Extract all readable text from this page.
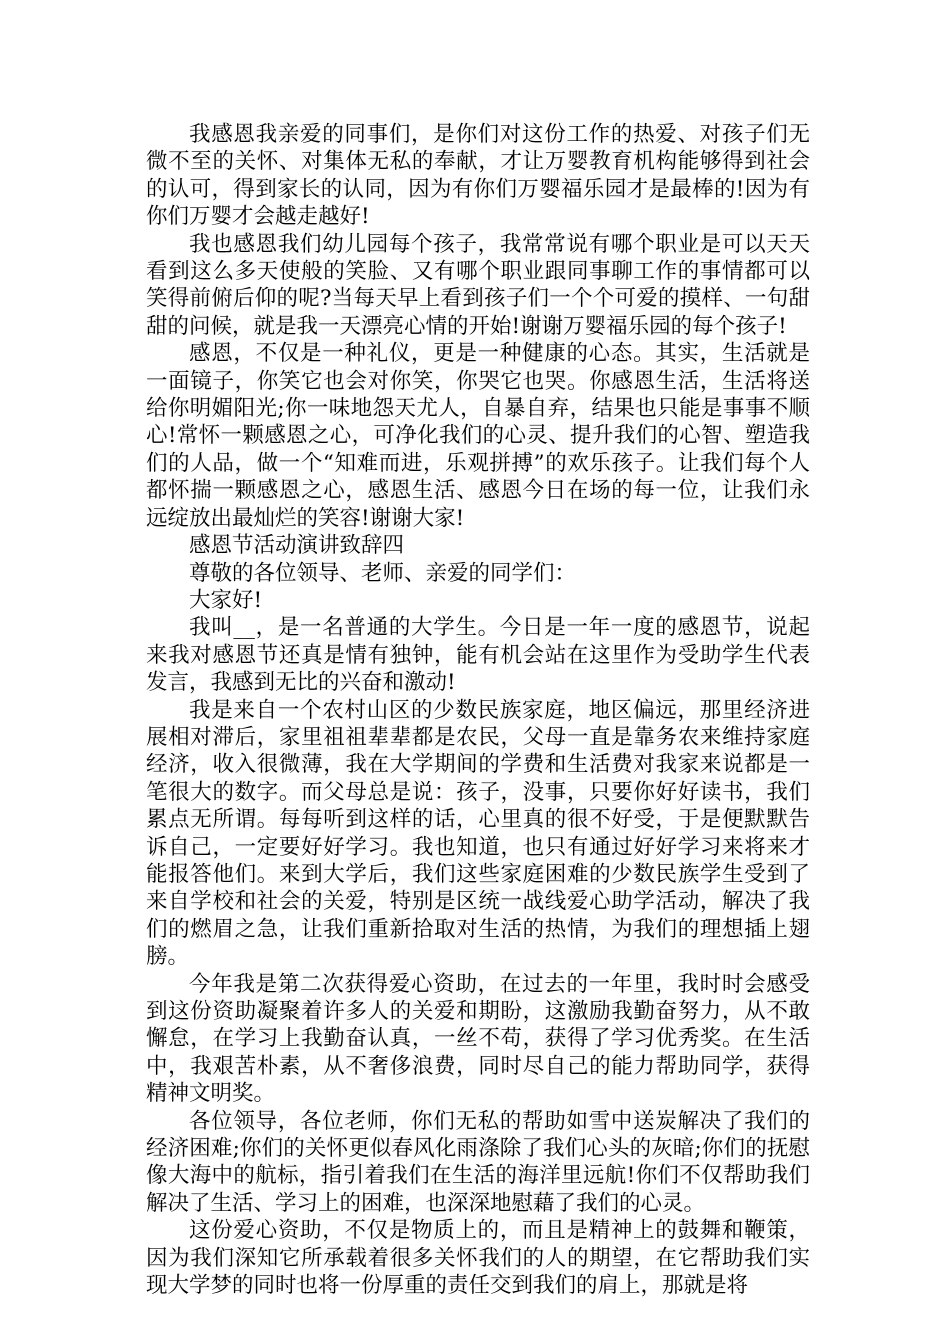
我感恩我亲爱的同事们，是你们对这份工作的热爱、对孩子们无微不至的关怀、对集体无私的奉献，才让万婴教育机构能够得到社会的认可，得到家长的认同，因为有你们万婴福乐园才是最棒的!因为有你们万婴才会越走越好!

我也感恩我们幼儿园每个孩子，我常常说有哪个职业是可以天天看到这么多天使般的笑脸、又有哪个职业跟同事聊工作的事情都可以笑得前俯后仰的呢?当每天早上看到孩子们一个个可爱的摸样、一句甜甜的问候，就是我一天漂亮心情的开始!谢谢万婴福乐园的每个孩子!

感恩，不仅是一种礼仪，更是一种健康的心态。其实，生活就是一面镜子，你笑它也会对你笑，你哭它也哭。你感恩生活，生活将送给你明媚阳光;你一味地怨天尤人，自暴自弃，结果也只能是事事不顺心!常怀一颗感恩之心，可净化我们的心灵、提升我们的心智、塑造我们的人品，做一个“知难而进，乐观拼搏”的欢乐孩子。让我们每个人都怀揣一颗感恩之心，感恩生活、感恩今日在场的每一位，让我们永远绽放出最灿烂的笑容!谢谢大家!

感恩节活动演讲致辞四

尊敬的各位领导、老师、亲爱的同学们：

大家好!

我叫__，是一名普通的大学生。今日是一年一度的感恩节，说起来我对感恩节还真是情有独钟，能有机会站在这里作为受助学生代表发言，我感到无比的兴奋和激动!

我是来自一个农村山区的少数民族家庭，地区偏远，那里经济进展相对滞后，家里祖祖辈辈都是农民，父母一直是靠务农来维持家庭经济，收入很微薄，我在大学期间的学费和生活费对我家来说都是一笔很大的数字。而父母总是说：孩子，没事，只要你好好读书，我们累点无所谓。每每听到这样的话，心里真的很不好受，于是便默默告诉自己，一定要好好学习。我也知道，也只有通过好好学习来将来才能报答他们。来到大学后，我们这些家庭困难的少数民族学生受到了来自学校和社会的关爱，特别是区统一战线爱心助学活动，解决了我们的燃眉之急，让我们重新拾取对生活的热情，为我们的理想插上翅膀。

今年我是第二次获得爱心资助，在过去的一年里，我时时会感受到这份资助凝聚着许多人的关爱和期盼，这激励我勤奋努力，从不敢懈怠，在学习上我勤奋认真，一丝不苟，获得了学习优秀奖。在生活中，我艰苦朴素，从不奢侈浪费，同时尽自己的能力帮助同学，获得精神文明奖。

各位领导，各位老师，你们无私的帮助如雪中送炭解决了我们的经济困难;你们的关怀更似春风化雨涤除了我们心头的灰暗;你们的抚慰像大海中的航标，指引着我们在生活的海洋里远航!你们不仅帮助我们解决了生活、学习上的困难，也深深地慰藉了我们的心灵。

这份爱心资助，不仅是物质上的，而且是精神上的鼓舞和鞭策，因为我们深知它所承载着很多关怀我们的人的期望，在它帮助我们实现大学梦的同时也将一份厚重的责任交到我们的肩上，那就是将
